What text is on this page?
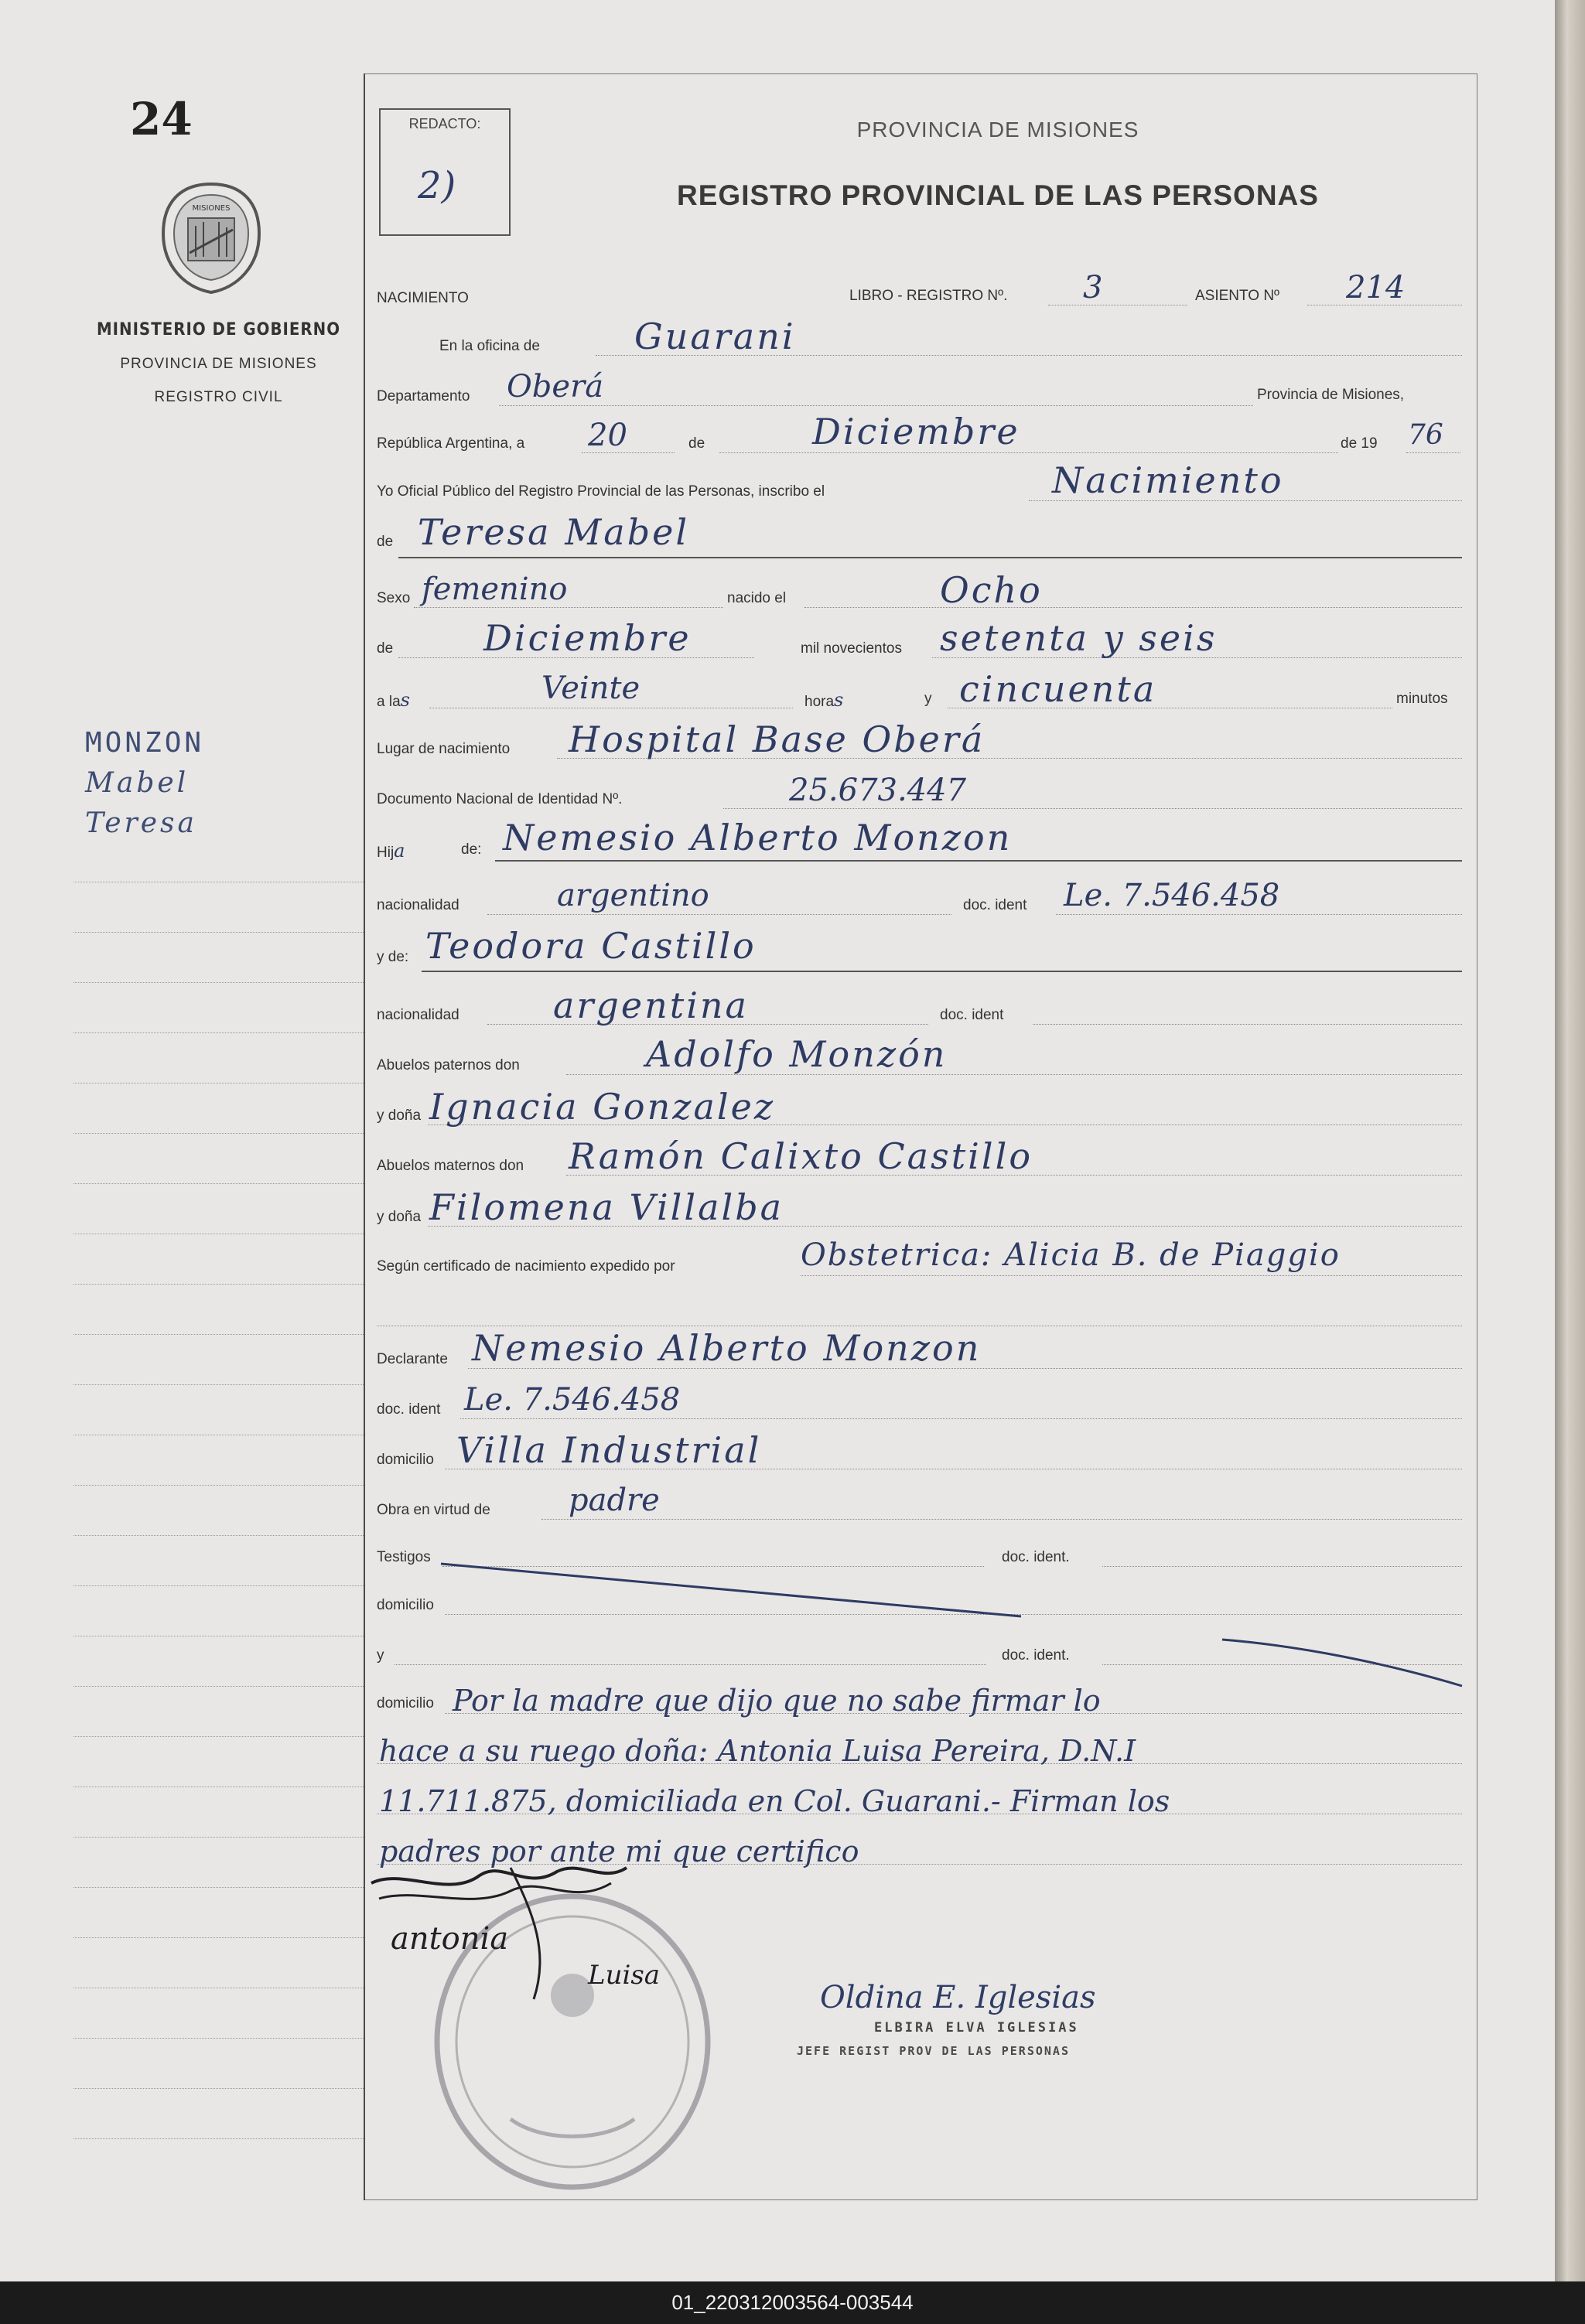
24
MISIONES
MINISTERIO DE GOBIERNO
PROVINCIA DE MISIONES
REGISTRO CIVIL
MONZON
Mabel
Teresa
REDACTO:
2)
PROVINCIA DE MISIONES
REGISTRO PROVINCIAL DE LAS PERSONAS
NACIMIENTO	LIBRO - REGISTRO Nº. 3	ASIENTO Nº 214
En la oficina de	Guarani
Departamento Oberá	Provincia de Misiones,
República Argentina, a 20	de	Diciembre	de 19 76
Yo Oficial Público del Registro Provincial de las Personas, inscribo el	Nacimiento
de Teresa Mabel
Sexo femenino	nacido el	Ocho
de	Diciembre	mil novecientos setenta y seis
a las	Veinte	horas	y cincuenta	minutos
Lugar de nacimiento Hospital Base Oberá
Documento Nacional de Identidad Nº.	25.673.447
Hija	de: Nemesio Alberto Monzon
nacionalidad	argentino	doc. ident Le. 7.546.458
y de: Teodora Castillo
nacionalidad	argentina	doc. ident
Abuelos paternos don	Adolfo Monzón
y doña Ignacia Gonzalez
Abuelos maternos don Ramón Calixto Castillo
y doña Filomena Villalba
Según certificado de nacimiento expedido por	Obstetrica: Alicia B. de Piaggio
Declarante Nemesio Alberto Monzon
doc. ident Le. 7.546.458
domicilio Villa Industrial
Obra en virtud de	padre
Testigos	doc. ident.
domicilio
y	doc. ident.
domicilio Por la madre que dijo que no sabe firmar lo
hace a su ruego doña: Antonia Luisa Pereira, D.N.I
11.711.875, domiciliada en Col. Guarani.- Firman los
padres por ante mi que certifico
antonia
Luisa
Oldina E. Iglesias
ELBIRA ELVA IGLESIAS
JEFE REGIST PROV DE LAS PERSONAS
01_220312003564-003544
